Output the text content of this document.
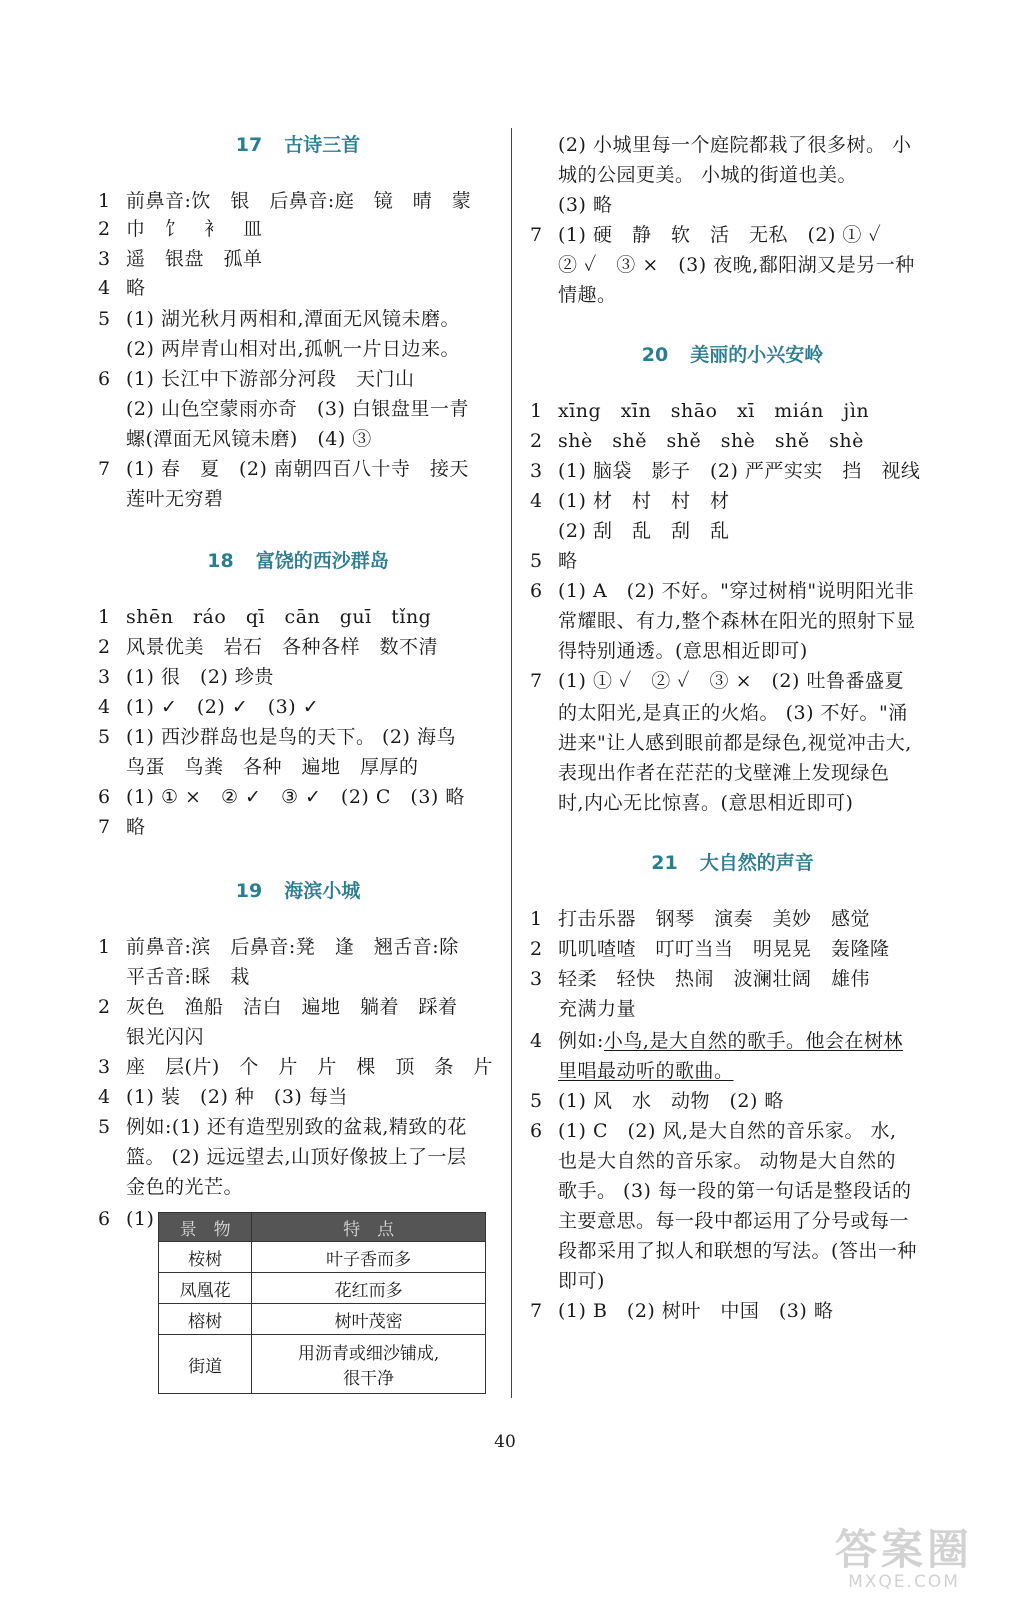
17 古诗三首
1 前鼻音:饮　银　后鼻音:庭　镜　晴　蒙
2 巾　饣　衤　皿
3 遥　银盘　孤单
4 略
5 (1) 湖光秋月两相和,潭面无风镜未磨。
(2) 两岸青山相对出,孤帆一片日边来。
6 (1) 长江中下游部分河段　天门山
(2) 山色空蒙雨亦奇　(3) 白银盘里一青
螺(潭面无风镜未磨)　(4) ③
7 (1) 春　夏　(2) 南朝四百八十寺　接天
莲叶无穷碧
18 富饶的西沙群岛
1 shēn　ráo　qī　cān　guī　tǐng
2 风景优美　岩石　各种各样　数不清
3 (1) 很　(2) 珍贵
4 (1) ✓　(2) ✓　(3) ✓
5 (1) 西沙群岛也是鸟的天下。 (2) 海鸟
鸟蛋　鸟粪　各种　遍地　厚厚的
6 (1) ① ×　② ✓　③ ✓　(2) C　(3) 略
7 略
19 海滨小城
1 前鼻音:滨　后鼻音:凳　逢　翘舌音:除
平舌音:睬　栽
2 灰色　渔船　洁白　遍地　躺着　踩着
银光闪闪
3 座　层(片)　个　片　片　棵　顶　条　片
4 (1) 装　(2) 种　(3) 每当
5 例如:(1) 还有造型别致的盆栽,精致的花
篮。 (2) 远远望去,山顶好像披上了一层
金色的光芒。
6 (1)	景　物	特　点
桉树	叶子香而多
凤凰花	花红而多
榕树	树叶茂密
街道	用沥青或细沙铺成,
很干净
(2) 小城里每一个庭院都栽了很多树。 小
城的公园更美。 小城的街道也美。
(3) 略
7 (1) 硬　静　软　活　无私　(2) ① ✓
② ✓　③ ×　(3) 夜晚,鄱阳湖又是另一种
情趣。
20 美丽的小兴安岭
1 xīng　xīn　shāo　xī　mián　jìn
2 shè　shě　shě　shè　shě　shè
3 (1) 脑袋　影子　(2) 严严实实　挡　视线
4 (1) 材　村　村　材
(2) 刮　乱　刮　乱
5 略
6 (1) A　(2) 不好。"穿过树梢"说明阳光非
常耀眼、有力,整个森林在阳光的照射下显
得特别通透。(意思相近即可)
7 (1) ① ✓　② ✓　③ ×　(2) 吐鲁番盛夏
的太阳光,是真正的火焰。 (3) 不好。"涌
进来"让人感到眼前都是绿色,视觉冲击大,
表现出作者在茫茫的戈壁滩上发现绿色
时,内心无比惊喜。(意思相近即可)
21 大自然的声音
1 打击乐器　钢琴　演奏　美妙　感觉
2 叽叽喳喳　叮叮当当　明晃晃　轰隆隆
3 轻柔　轻快　热闹　波澜壮阔　雄伟
充满力量
4 例如:小鸟,是大自然的歌手。他会在树林
里唱最动听的歌曲。
5 (1) 风　水　动物　(2) 略
6 (1) C　(2) 风,是大自然的音乐家。 水,
也是大自然的音乐家。 动物是大自然的
歌手。 (3) 每一段的第一句话是整段话的
主要意思。每一段中都运用了分号或每一
段都采用了拟人和联想的写法。(答出一种
即可)
7 (1) B　(2) 树叶　中国　(3) 略
40
答案圈
MXQE.COM
